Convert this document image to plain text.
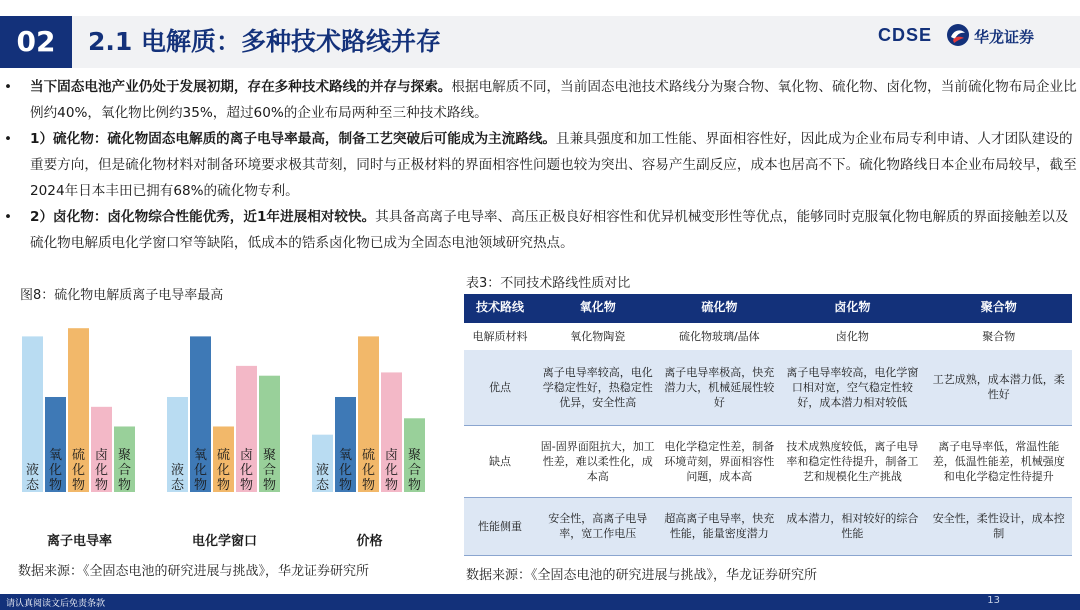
02	2.1 电解质：多种技术路线并存	CDSE	华龙证券
• 当下固态电池产业仍处于发展初期，存在多种技术路线的并存与探索。根据电解质不同，当前固态电池技术路线分为聚合物、氧化物、硫化物、卤化物，当前硫化物布局企业比例约40%，氧化物比例约35%，超过60%的企业布局两种至三种技术路线。
• 1）硫化物：硫化物固态电解质的离子电导率最高，制备工艺突破后可能成为主流路线。且兼具强度和加工性能、界面相容性好，因此成为企业布局专利申请、人才团队建设的重要方向，但是硫化物材料对制备环境要求极其苛刻，同时与正极材料的界面相容性问题也较为突出、容易产生副反应，成本也居高不下。硫化物路线日本企业布局较早，截至2024年日本丰田已拥有68%的硫化物专利。
• 2）卤化物：卤化物综合性能优秀，近1年进展相对较快。其具备高离子电导率、高压正极良好相容性和优异机械变形性等优点，能够同时克服氧化物电解质的界面接触差以及硫化物电解质电化学窗口窄等缺陷，低成本的锆系卤化物已成为全固态电池领域研究热点。
图8：硫化物电解质离子电导率最高
液态
氧化物
硫化物
卤化物
聚合物
离子电导率
液态
氧化物
硫化物
卤化物
聚合物
电化学窗口
液态
氧化物
硫化物
卤化物
聚合物
价格
数据来源：《全固态电池的研究进展与挑战》，华龙证券研究所
表3：不同技术路线性质对比
技术路线	氧化物	硫化物	卤化物	聚合物
电解质材料	氧化物陶瓷	硫化物玻璃/晶体	卤化物	聚合物
优点	离子电导率较高，电化学稳定性好，热稳定性优异，安全性高	离子电导率极高，快充潜力大，机械延展性较好	离子电导率较高，电化学窗口相对宽，空气稳定性较好，成本潜力相对较低	工艺成熟，成本潜力低，柔性好
缺点	固-固界面阻抗大，加工性差，难以柔性化，成本高	电化学稳定性差，制备环境苛刻，界面相容性问题，成本高	技术成熟度较低，离子电导率和稳定性待提升，制备工艺和规模化生产挑战	离子电导率低，常温性能差，低温性能差，机械强度和电化学稳定性待提升
性能侧重	安全性，高离子电导率，宽工作电压	超高离子电导率，快充性能，能量密度潜力	成本潜力，相对较好的综合性能	安全性，柔性设计，成本控制
数据来源：《全固态电池的研究进展与挑战》，华龙证券研究所
请认真阅读文后免责条款	13
